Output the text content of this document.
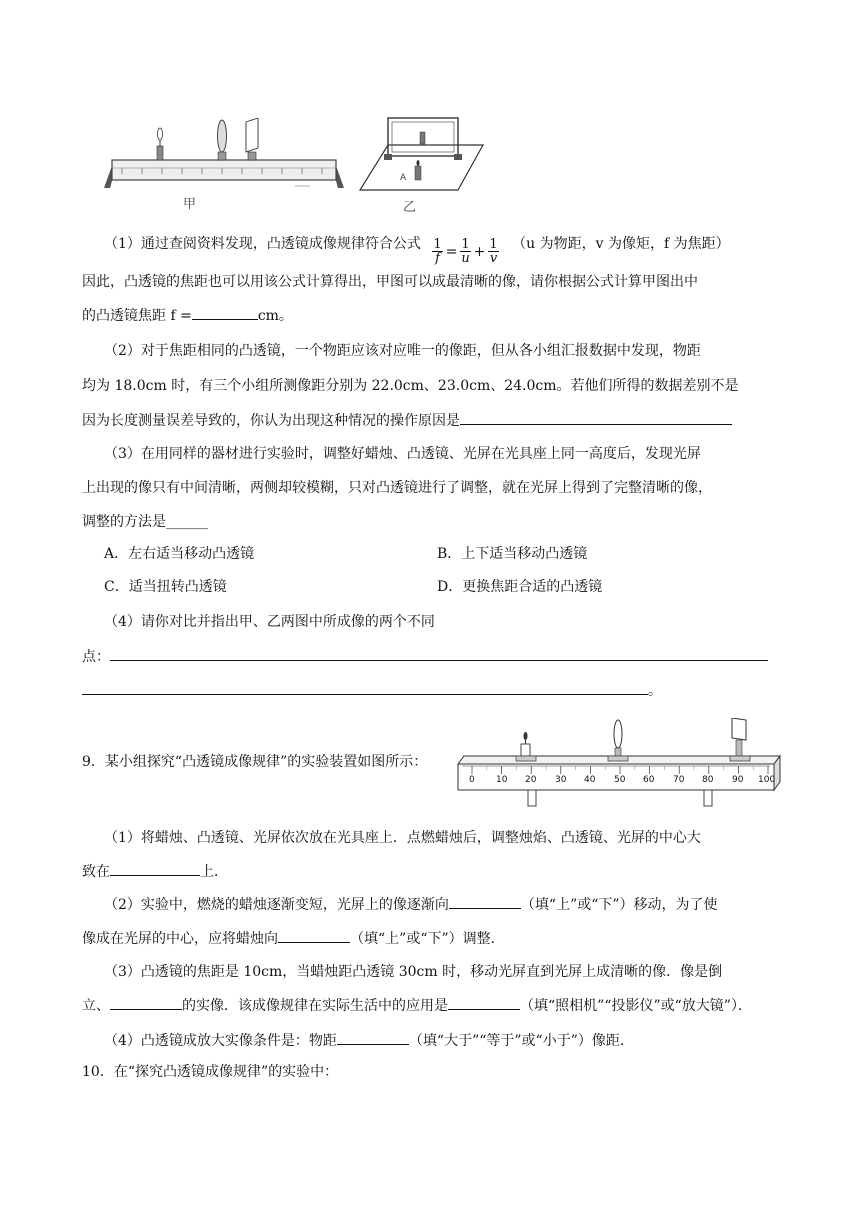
甲
A
乙
（1）通过查阅资料发现，凸透镜成像规律符合公式 $\frac{1}{f} = \frac{1}{u} + \frac{1}{v} (u$ 为物距，v 为像矩，f 为焦距）
因此，凸透镜的焦距也可以用该公式计算得出，甲图可以成最清晰的像，请你根据公式计算甲图出中
的凸透镜焦距 f =	cm。
（2）对于焦距相同的凸透镜，一个物距应该对应唯一的像距，但从各小组汇报数据中发现，物距
均为 18.0cm 时，有三个小组所测像距分别为 22.0cm、23.0cm、24.0cm。若他们所得的数据差别不是
因为长度测量误差导致的，你认为出现这种情况的操作原因是
（3）在用同样的器材进行实验时，调整好蜡烛、凸透镜、光屏在光具座上同一高度后，发现光屏
上出现的像只有中间清晰，两侧却较模糊，只对凸透镜进行了调整，就在光屏上得到了完整清晰的像，
调整的方法是______
A．左右适当移动凸透镜	B．上下适当移动凸透镜
C．适当扭转凸透镜	D．更换焦距合适的凸透镜
（4）请你对比并指出甲、乙两图中所成像的两个不同
点：
。
9．某小组探究“凸透镜成像规律”的实验装置如图所示：
0 10 20 30 40 50 60 70 80 90 100
（1）将蜡烛、凸透镜、光屏依次放在光具座上．点燃蜡烛后，调整烛焰、凸透镜、光屏的中心大
致在	上．
（2）实验中，燃烧的蜡烛逐渐变短，光屏上的像逐渐向	（填“上”或“下”）移动，为了使
像成在光屏的中心，应将蜡烛向	（填“上”或“下”）调整．
（3）凸透镜的焦距是 10cm，当蜡烛距凸透镜 30cm 时，移动光屏直到光屏上成清晰的像．像是倒
立、	的实像．该成像规律在实际生活中的应用是	（填“照相机”“投影仪”或“放大镜”）．
（4）凸透镜成放大实像条件是：物距	（填“大于”“等于”或“小于”）像距．
10．在“探究凸透镜成像规律”的实验中：
